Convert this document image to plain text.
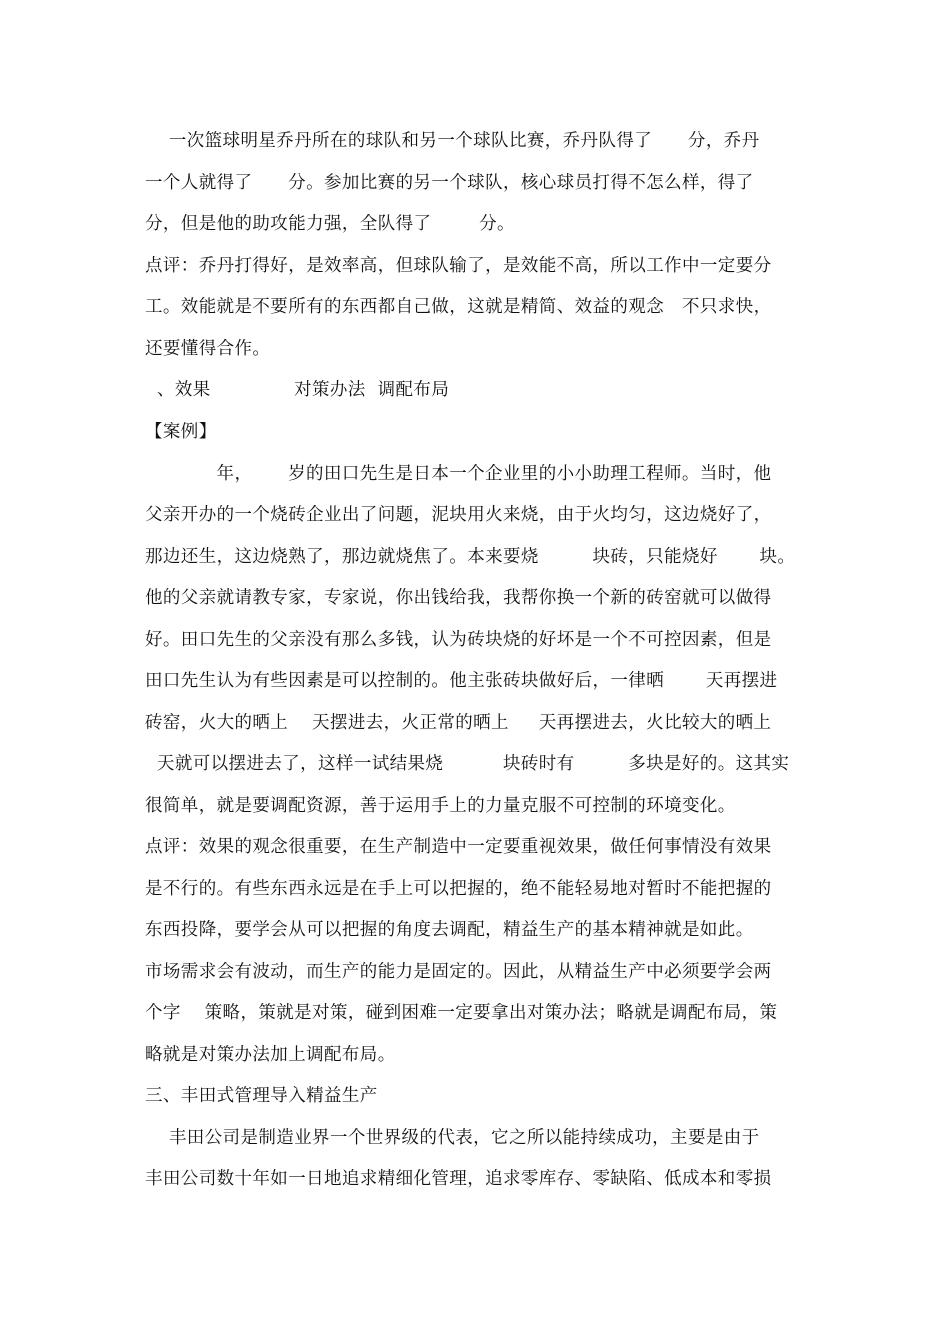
一次篮球明星乔丹所在的球队和另一个球队比赛，乔丹队得了      分，乔丹
一个人就得了      分。参加比赛的另一个球队，核心球员打得不怎么样，得了
分，但是他的助攻能力强，全队得了        分。
点评：乔丹打得好，是效率高，但球队输了，是效能不高，所以工作中一定要分
工。效能就是不要所有的东西都自己做，这就是精简、效益的观念   不只求快，
还要懂得合作。
、效果              对策办法  调配布局
【案例】
年，      岁的田口先生是日本一个企业里的小小助理工程师。当时，他
父亲开办的一个烧砖企业出了问题，泥块用火来烧，由于火均匀，这边烧好了，
那边还生，这边烧熟了，那边就烧焦了。本来要烧         块砖，只能烧好       块。
他的父亲就请教专家，专家说，你出钱给我，我帮你换一个新的砖窑就可以做得
好。田口先生的父亲没有那么多钱，认为砖块烧的好坏是一个不可控因素，但是
田口先生认为有些因素是可以控制的。他主张砖块做好后，一律晒       天再摆进
砖窑，火大的晒上    天摆进去，火正常的晒上     天再摆进去，火比较大的晒上
天就可以摆进去了，这样一试结果烧          块砖时有         多块是好的。这其实
很简单，就是要调配资源，善于运用手上的力量克服不可控制的环境变化。
点评：效果的观念很重要，在生产制造中一定要重视效果，做任何事情没有效果
是不行的。有些东西永远是在手上可以把握的，绝不能轻易地对暂时不能把握的
东西投降，要学会从可以把握的角度去调配，精益生产的基本精神就是如此。
市场需求会有波动，而生产的能力是固定的。因此，从精益生产中必须要学会两
个字    策略，策就是对策，碰到困难一定要拿出对策办法；略就是调配布局，策
略就是对策办法加上调配布局。
三、丰田式管理导入精益生产
丰田公司是制造业界一个世界级的代表，它之所以能持续成功，主要是由于
丰田公司数十年如一日地追求精细化管理，追求零库存、零缺陷、低成本和零损
